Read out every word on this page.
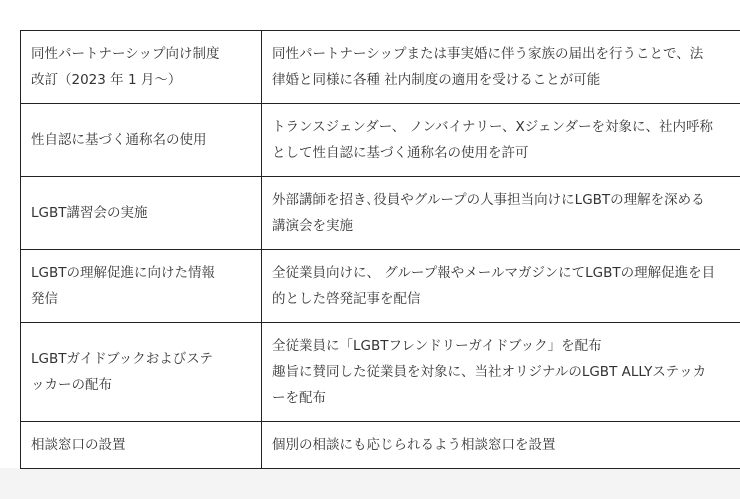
同性パートナーシップ向け制度
改訂（2023 年 1 月～）	同性パートナーシップまたは事実婚に伴う家族の届出を行うことで、法
律婚と同様に各種 社内制度の適用を受けることが可能

性自認に基づく通称名の使用	トランスジェンダー、 ノンバイナリー、Xジェンダーを対象に、社内呼称
として性自認に基づく通称名の使用を許可

LGBT講習会の実施	外部講師を招き､役員やグループの人事担当向けにLGBTの理解を深める
講演会を実施

LGBTの理解促進に向けた情報
発信	全従業員向けに、 グループ報やメールマガジンにてLGBTの理解促進を目
的とした啓発記事を配信

LGBTガイドブックおよびステ
ッカーの配布	全従業員に「LGBTフレンドリーガイドブック」を配布
趣旨に賛同した従業員を対象に、当社オリジナルのLGBT ALLYステッカ
ーを配布

相談窓口の設置	個別の相談にも応じられるよう相談窓口を設置
